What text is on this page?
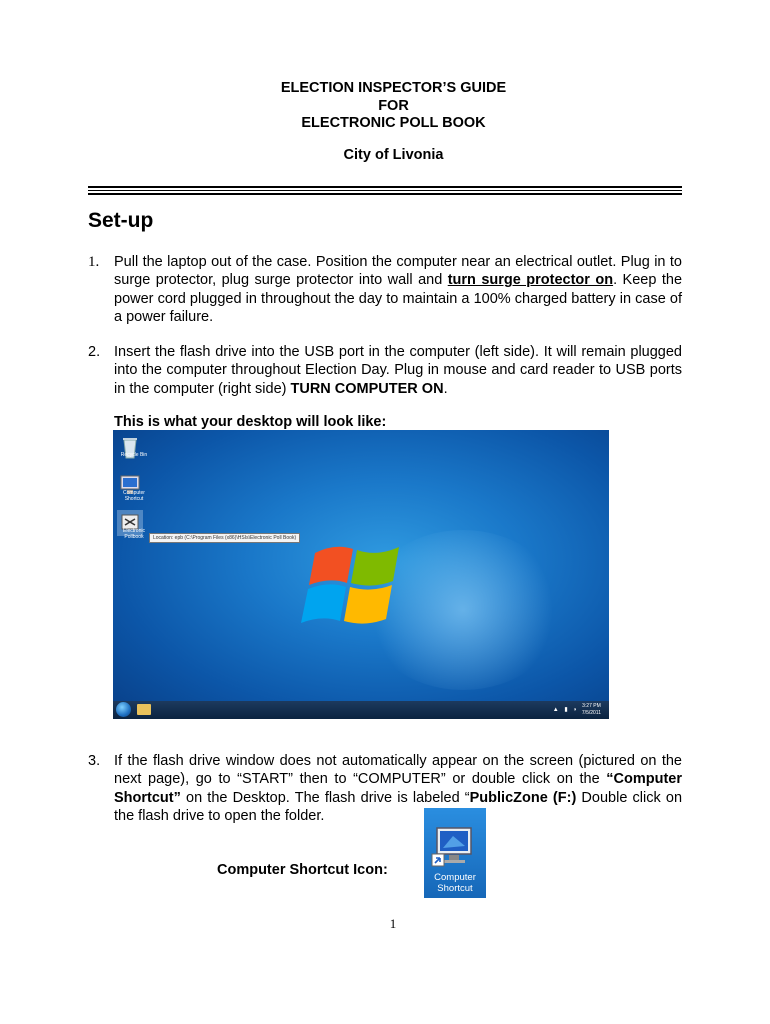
ELECTION INSPECTOR’S GUIDE
FOR
ELECTRONIC POLL BOOK
City of Livonia
Set-up
1. Pull the laptop out of the case. Position the computer near an electrical outlet. Plug in to surge protector, plug surge protector into wall and turn surge protector on. Keep the power cord plugged in throughout the day to maintain a 100% charged battery in case of a power failure.
2. Insert the flash drive into the USB port in the computer (left side). It will remain plugged into the computer throughout Election Day. Plug in mouse and card reader to USB ports in the computer (right side) TURN COMPUTER ON.
This is what your desktop will look like:
Recycle Bin
Computer Shortcut
Electronic Pollbook	Location: epb (C:\Program Files (x86)\HSIs\Electronic Poll Book)
▲ ▮ ◗
3:27 PM
7/5/2011
3. If the flash drive window does not automatically appear on the screen (pictured on the next page), go to “START” then to “COMPUTER” or double click on the “Computer Shortcut” on the Desktop. The flash drive is labeled “PublicZone (F:) Double click on the flash drive to open the folder.
Computer Shortcut Icon:	Computer
Shortcut
1
